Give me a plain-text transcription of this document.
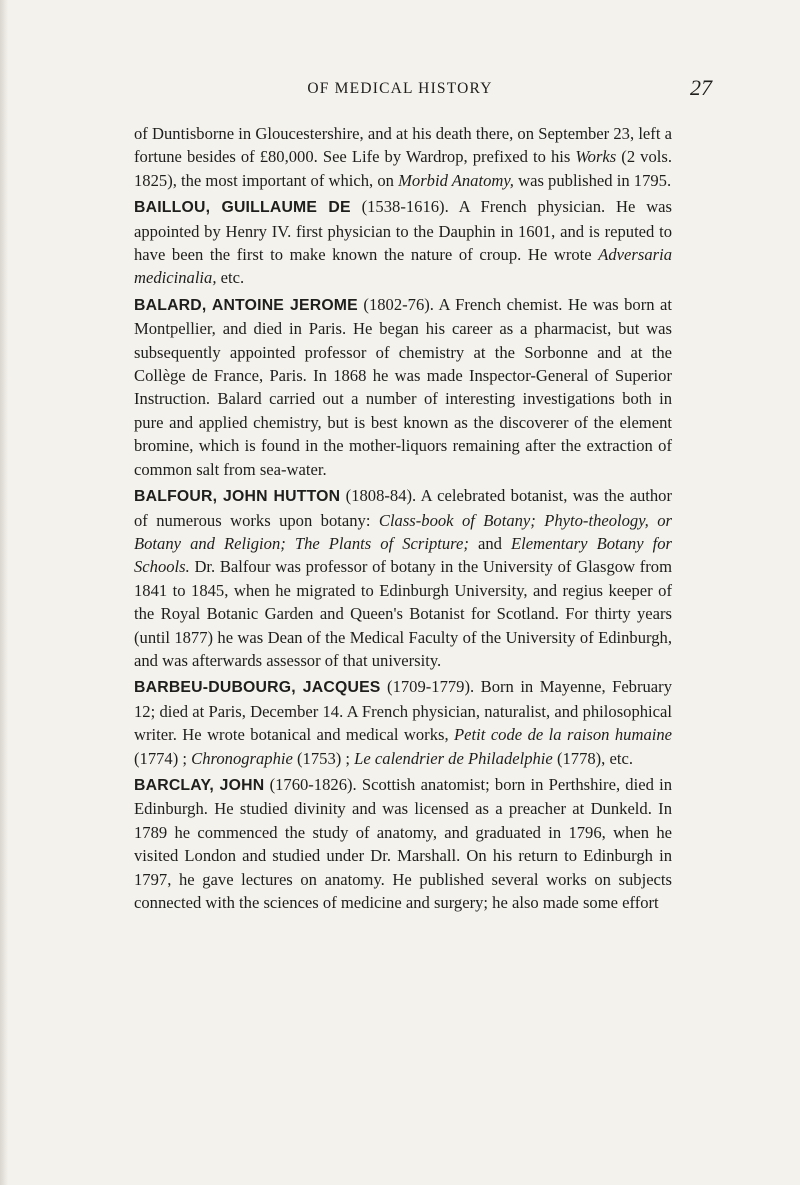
OF MEDICAL HISTORY	27

of Duntisborne in Gloucestershire, and at his death there, on September 23, left a fortune besides of £80,000. See Life by Wardrop, prefixed to his Works (2 vols. 1825), the most important of which, on Morbid Anatomy, was published in 1795.

BAILLOU, GUILLAUME DE (1538-1616). A French physician. He was appointed by Henry IV. first physician to the Dauphin in 1601, and is reputed to have been the first to make known the nature of croup. He wrote Adversaria medicinalia, etc.

BALARD, ANTOINE JEROME (1802-76). A French chemist. He was born at Montpellier, and died in Paris. He began his career as a pharmacist, but was subsequently appointed professor of chemistry at the Sorbonne and at the Collège de France, Paris. In 1868 he was made Inspector-General of Superior Instruction. Balard carried out a number of interesting investigations both in pure and applied chemistry, but is best known as the discoverer of the element bromine, which is found in the mother-liquors remaining after the extraction of common salt from sea-water.

BALFOUR, JOHN HUTTON (1808-84). A celebrated botanist, was the author of numerous works upon botany: Class-book of Botany; Phyto-theology, or Botany and Religion; The Plants of Scripture; and Elementary Botany for Schools. Dr. Balfour was professor of botany in the University of Glasgow from 1841 to 1845, when he migrated to Edinburgh University, and regius keeper of the Royal Botanic Garden and Queen's Botanist for Scotland. For thirty years (until 1877) he was Dean of the Medical Faculty of the University of Edinburgh, and was afterwards assessor of that university.

BARBEU-DUBOURG, JACQUES (1709-1779). Born in Mayenne, February 12; died at Paris, December 14. A French physician, naturalist, and philosophical writer. He wrote botanical and medical works, Petit code de la raison humaine (1774) ; Chronographie (1753) ; Le calendrier de Philadelphie (1778), etc.

BARCLAY, JOHN (1760-1826). Scottish anatomist; born in Perthshire, died in Edinburgh. He studied divinity and was licensed as a preacher at Dunkeld. In 1789 he commenced the study of anatomy, and graduated in 1796, when he visited London and studied under Dr. Marshall. On his return to Edinburgh in 1797, he gave lectures on anatomy. He published several works on subjects connected with the sciences of medicine and surgery; he also made some effort
